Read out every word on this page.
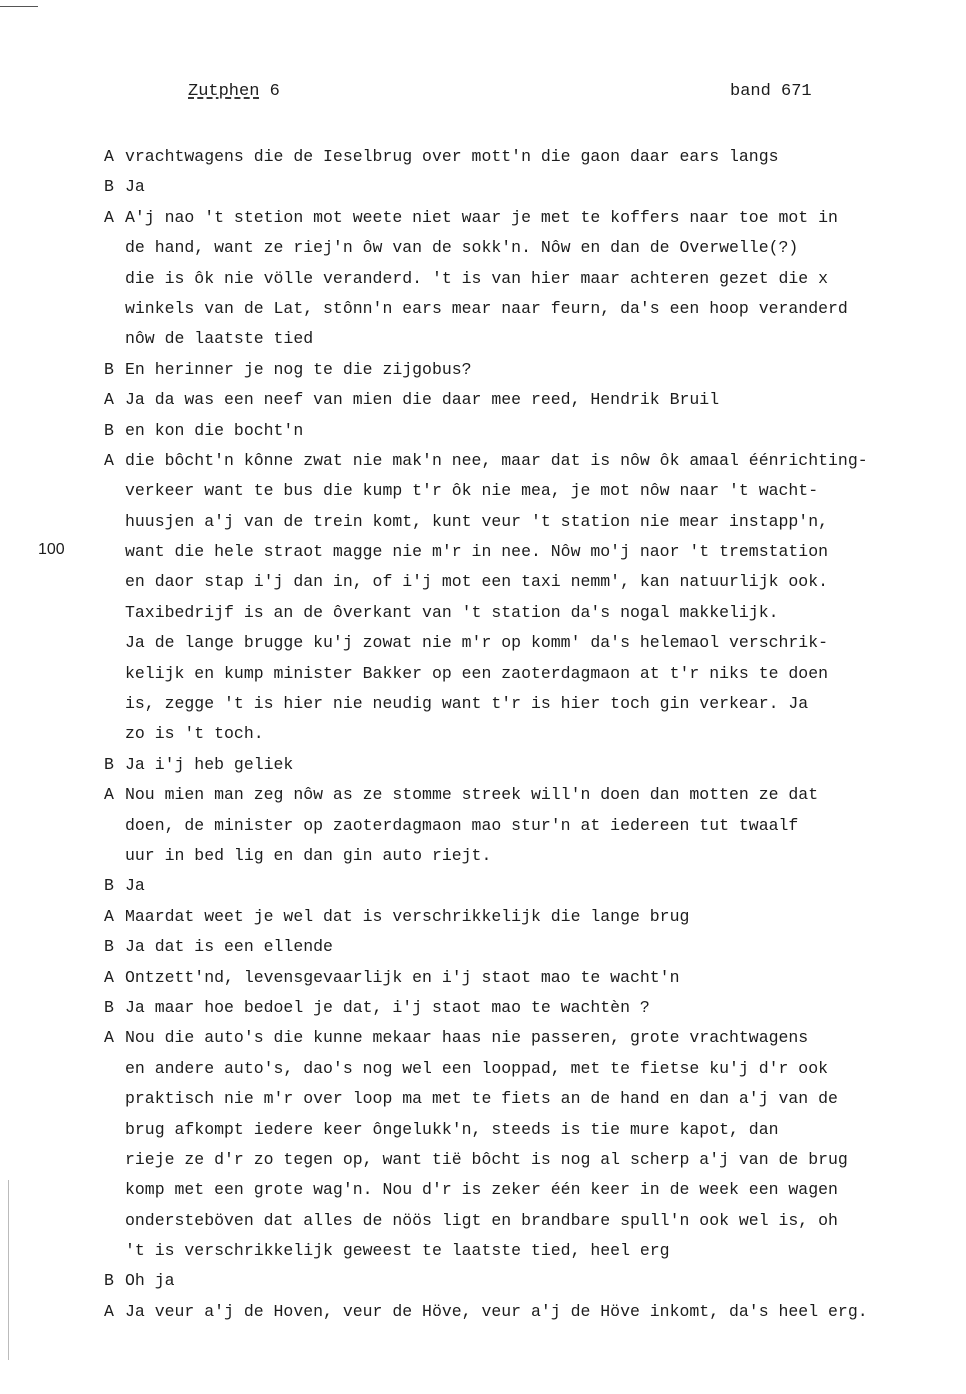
Zutphen 6	band 671
100
A vrachtwagens die de Ieselbrug over mott'n die gaon daar ears langs
B Ja
A A'j nao 't stetion mot weete niet waar je met te koffers naar toe mot in
de hand, want ze riej'n ôw van de sokk'n. Nôw en dan de Overwelle(?)
die is ôk nie völle veranderd. 't is van hier maar achteren gezet die x
winkels van de Lat, stônn'n ears mear naar feurn, da's een hoop veranderd
nôw de laatste tied
B En herinner je nog te die zijgobus?
A Ja da was een neef van mien die daar mee reed, Hendrik Bruil
B en kon die bocht'n
A die bôcht'n kônne zwat nie mak'n nee, maar dat is nôw ôk amaal éénrichting-
verkeer want te bus die kump t'r ôk nie mea, je mot nôw naar 't wacht-
huusjen a'j van de trein komt, kunt veur 't station nie mear instapp'n,
want die hele straot magge nie m'r in nee. Nôw mo'j naor 't tremstation
en daor stap i'j dan in, of i'j mot een taxi nemm', kan natuurlijk ook.
Taxibedrijf is an de ôverkant van 't station da's nogal makkelijk.
Ja de lange brugge ku'j zowat nie m'r op komm' da's helemaol verschrik-
kelijk en kump minister Bakker op een zaoterdagmaon at t'r niks te doen
is, zegge 't is hier nie neudig want t'r is hier toch gin verkear. Ja
zo is 't toch.
B Ja i'j heb geliek
A Nou mien man zeg nôw as ze stomme streek will'n doen dan motten ze dat
doen, de minister op zaoterdagmaon mao stur'n at iedereen tut twaalf
uur in bed lig en dan gin auto riejt.
B Ja
A Maardat weet je wel dat is verschrikkelijk die lange brug
B Ja dat is een ellende
A Ontzett'nd, levensgevaarlijk en i'j staot mao te wacht'n
B Ja maar hoe bedoel je dat, i'j staot mao te wachtèn ?
A Nou die auto's die kunne mekaar haas nie passeren, grote vrachtwagens
en andere auto's, dao's nog wel een looppad, met te fietse ku'j d'r ook
praktisch nie m'r over loop ma met te fiets an de hand en dan a'j van de
brug afkompt iedere keer ôngelukk'n, steeds is tie mure kapot, dan
rieje ze d'r zo tegen op, want tië bôcht is nog al scherp a'j van de brug
komp met een grote wag'n. Nou d'r is zeker één keer in de week een wagen
ondersteböven dat alles de nöös ligt en brandbare spull'n ook wel is, oh
't is verschrikkelijk geweest te laatste tied, heel erg
B Oh ja
A Ja veur a'j de Hoven, veur de Höve, veur a'j de Höve inkomt, da's heel erg.
